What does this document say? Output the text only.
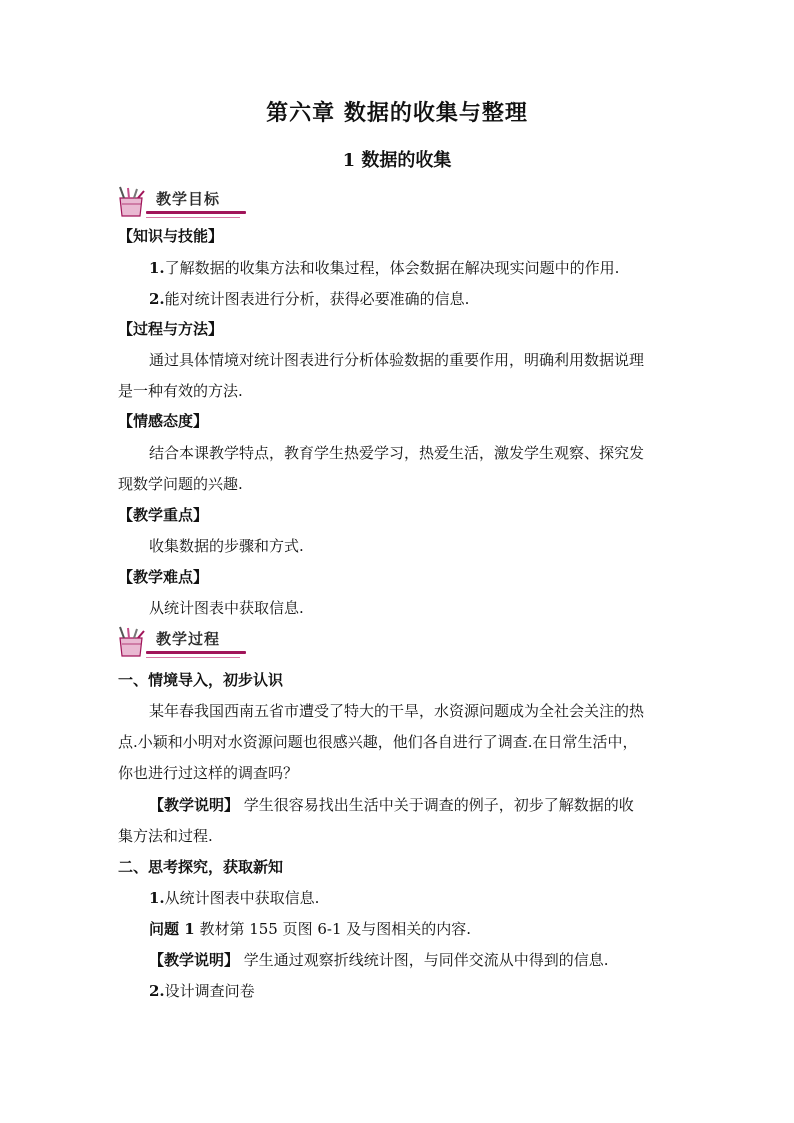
第六章 数据的收集与整理
1 数据的收集
教学目标
【知识与技能】
1.了解数据的收集方法和收集过程，体会数据在解决现实问题中的作用.
2.能对统计图表进行分析，获得必要准确的信息.
【过程与方法】
通过具体情境对统计图表进行分析体验数据的重要作用，明确利用数据说理
是一种有效的方法.
【情感态度】
结合本课教学特点，教育学生热爱学习，热爱生活，激发学生观察、探究发
现数学问题的兴趣.
【教学重点】
收集数据的步骤和方式.
【教学难点】
从统计图表中获取信息.
教学过程
一、情境导入，初步认识
某年春我国西南五省市遭受了特大的干旱，水资源问题成为全社会关注的热
点.小颖和小明对水资源问题也很感兴趣，他们各自进行了调查.在日常生活中，
你也进行过这样的调查吗？
【教学说明】 学生很容易找出生活中关于调查的例子，初步了解数据的收
集方法和过程.
二、思考探究，获取新知
1.从统计图表中获取信息.
问题 1 教材第 155 页图 6-1 及与图相关的内容.
【教学说明】 学生通过观察折线统计图，与同伴交流从中得到的信息.
2.设计调查问卷
